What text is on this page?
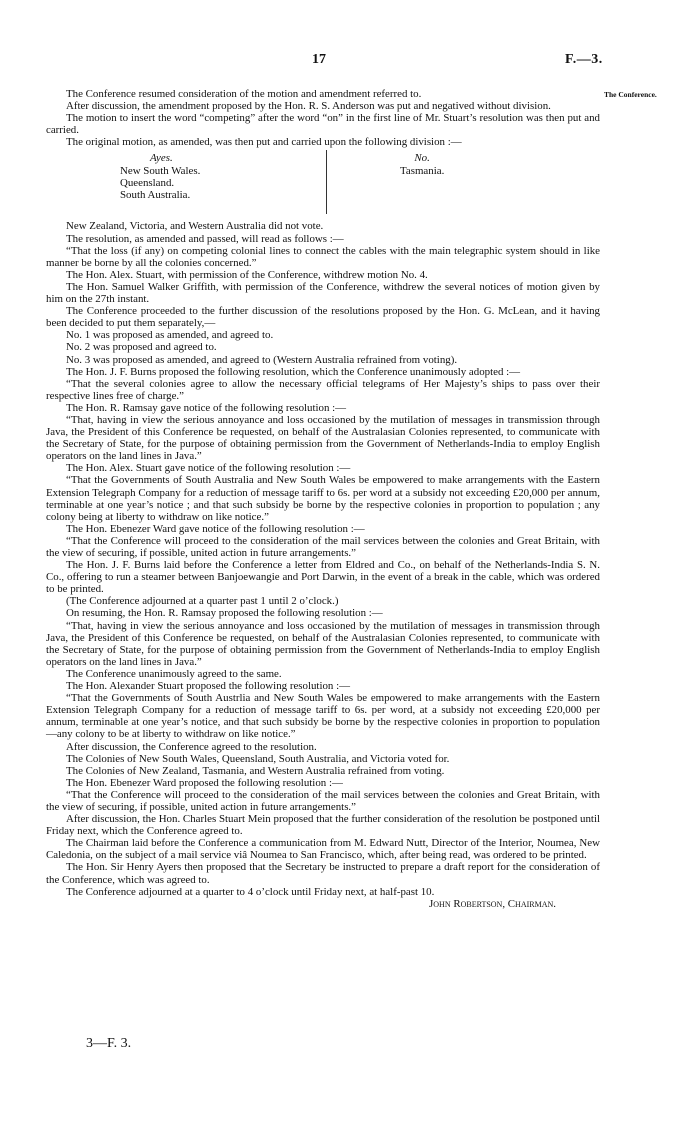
17	F.—3.
The Conference.

The Conference resumed consideration of the motion and amendment referred to.

After discussion, the amendment proposed by the Hon. R. S. Anderson was put and negatived without division.

The motion to insert the word “competing” after the word “on” in the first line of Mr. Stuart’s resolution was then put and carried.

The original motion, as amended, was then put and carried upon the following division :—

Ayes.
New South Wales.
Queensland.
South Australia.
No.
Tasmania.

New Zealand, Victoria, and Western Australia did not vote.

The resolution, as amended and passed, will read as follows :—

“That the loss (if any) on competing colonial lines to connect the cables with the main telegraphic system should in like manner be borne by all the colonies concerned.”

The Hon. Alex. Stuart, with permission of the Conference, withdrew motion No. 4.

The Hon. Samuel Walker Griffith, with permission of the Conference, withdrew the several notices of motion given by him on the 27th instant.

The Conference proceeded to the further discussion of the resolutions proposed by the Hon. G. McLean, and it having been decided to put them separately,—

No. 1 was proposed as amended, and agreed to.

No. 2 was proposed and agreed to.

No. 3 was proposed as amended, and agreed to (Western Australia refrained from voting).

The Hon. J. F. Burns proposed the following resolution, which the Conference unanimously adopted :—

“That the several colonies agree to allow the necessary official telegrams of Her Majesty’s ships to pass over their respective lines free of charge.”

The Hon. R. Ramsay gave notice of the following resolution :—

“That, having in view the serious annoyance and loss occasioned by the mutilation of messages in transmission through Java, the President of this Conference be requested, on behalf of the Australasian Colonies represented, to communicate with the Secretary of State, for the purpose of obtaining permission from the Government of Netherlands-India to employ English operators on the land lines in Java.”

The Hon. Alex. Stuart gave notice of the following resolution :—

“That the Governments of South Australia and New South Wales be empowered to make arrangements with the Eastern Extension Telegraph Company for a reduction of message tariff to 6s. per word at a subsidy not exceeding £20,000 per annum, terminable at one year’s notice ; and that such subsidy be borne by the respective colonies in proportion to population ; any colony being at liberty to withdraw on like notice.”

The Hon. Ebenezer Ward gave notice of the following resolution :—

“That the Conference will proceed to the consideration of the mail services between the colonies and Great Britain, with the view of securing, if possible, united action in future arrangements.”

The Hon. J. F. Burns laid before the Conference a letter from Eldred and Co., on behalf of the Netherlands-India S. N. Co., offering to run a steamer between Banjoewangie and Port Darwin, in the event of a break in the cable, which was ordered to be printed.

(The Conference adjourned at a quarter past 1 until 2 o’clock.)

On resuming, the Hon. R. Ramsay proposed the following resolution :—

“That, having in view the serious annoyance and loss occasioned by the mutilation of messages in transmission through Java, the President of this Conference be requested, on behalf of the Australasian Colonies represented, to communicate with the Secretary of State, for the purpose of obtaining permission from the Government of Netherlands-India to employ English operators on the land lines in Java.”

The Conference unanimously agreed to the same.

The Hon. Alexander Stuart proposed the following resolution :—

“That the Governments of South Austrlia and New South Wales be empowered to make arrangements with the Eastern Extension Telegraph Company for a reduction of message tariff to 6s. per word, at a subsidy not exceeding £20,000 per annum, terminable at one year’s notice, and that such subsidy be borne by the respective colonies in proportion to population—any colony to be at liberty to withdraw on like notice.”

After discussion, the Conference agreed to the resolution.

The Colonies of New South Wales, Queensland, South Australia, and Victoria voted for.

The Colonies of New Zealand, Tasmania, and Western Australia refrained from voting.

The Hon. Ebenezer Ward proposed the following resolution :—

“That the Conference will proceed to the consideration of the mail services between the colonies and Great Britain, with the view of securing, if possible, united action in future arrangements.”

After discussion, the Hon. Charles Stuart Mein proposed that the further consideration of the resolution be postponed until Friday next, which the Conference agreed to.

The Chairman laid before the Conference a communication from M. Edward Nutt, Director of the Interior, Noumea, New Caledonia, on the subject of a mail service viâ Noumea to San Francisco, which, after being read, was ordered to be printed.

The Hon. Sir Henry Ayers then proposed that the Secretary be instructed to prepare a draft report for the consideration of the Conference, which was agreed to.

The Conference adjourned at a quarter to 4 o’clock until Friday next, at half-past 10.

John Robertson, Chairman.

3—F. 3.
